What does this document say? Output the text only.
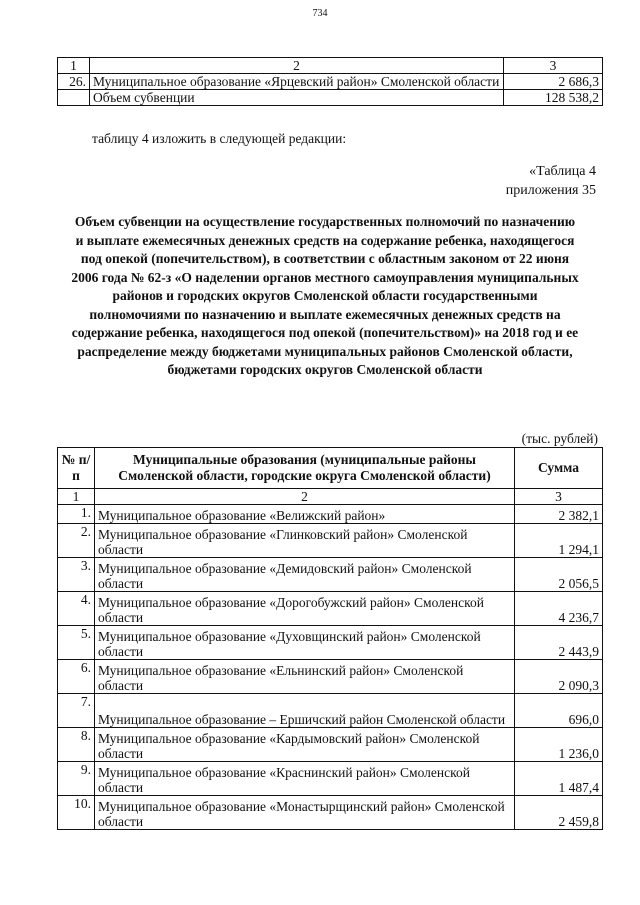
734
1	2	3
26.	Муниципальное образование «Ярцевский район» Смоленской области	2 686,3
	Объем субвенции	128 538,2
таблицу 4 изложить в следующей редакции:
«Таблица 4
приложения 35
Объем субвенции на осуществление государственных полномочий по назначению и выплате ежемесячных денежных средств на содержание ребенка, находящегося под опекой (попечительством), в соответствии с областным законом от 22 июня 2006 года № 62-з «О наделении органов местного самоуправления муниципальных районов и городских округов Смоленской области государственными полномочиями по назначению и выплате ежемесячных денежных средств на содержание ребенка, находящегося под опекой (попечительством)» на 2018 год и ее распределение между бюджетами муниципальных районов Смоленской области, бюджетами городских округов Смоленской области
(тыс. рублей)
№ п/п	Муниципальные образования (муниципальные районы Смоленской области, городские округа Смоленской области)	Сумма
1	2	3
1.	Муниципальное образование «Велижский район»	2 382,1
2.	Муниципальное образование «Глинковский район» Смоленской области	1 294,1
3.	Муниципальное образование «Демидовский район» Смоленской области	2 056,5
4.	Муниципальное образование «Дорогобужский район» Смоленской области	4 236,7
5.	Муниципальное образование «Духовщинский район» Смоленской области	2 443,9
6.	Муниципальное образование «Ельнинский район» Смоленской области	2 090,3
7.	Муниципальное образование – Ершичский район Смоленской области	696,0
8.	Муниципальное образование «Кардымовский район» Смоленской области	1 236,0
9.	Муниципальное образование «Краснинский район» Смоленской области	1 487,4
10.	Муниципальное образование «Монастырщинский район» Смоленской области	2 459,8
